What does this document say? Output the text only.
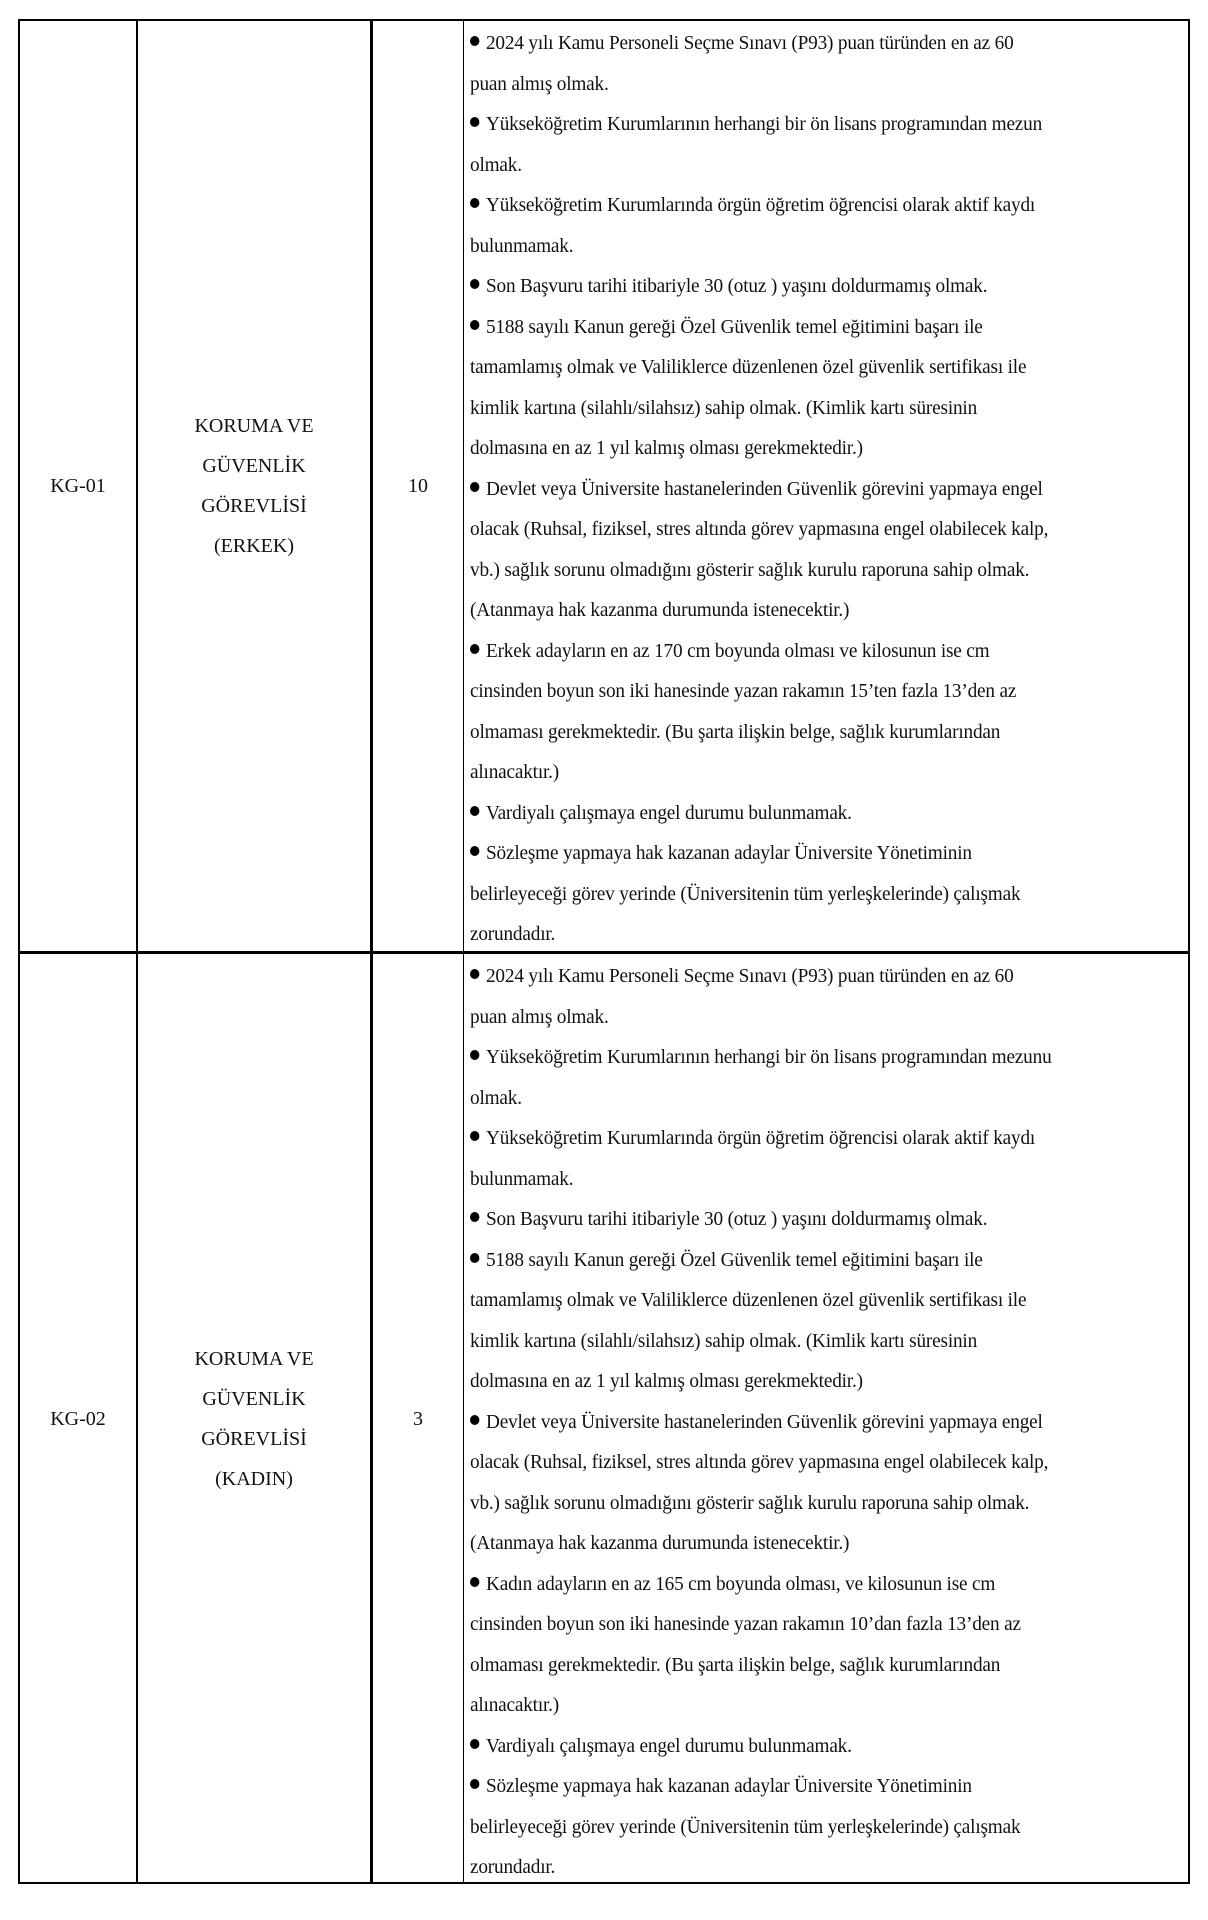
KG-01
KORUMA VE
GÜVENLİK
GÖREVLİSİ
(ERKEK)
10
2024 yılı Kamu Personeli Seçme Sınavı (P93) puan türünden en az 60
puan almış olmak.
Yükseköğretim Kurumlarının herhangi bir ön lisans programından mezun
olmak.
Yükseköğretim Kurumlarında örgün öğretim öğrencisi olarak aktif kaydı
bulunmamak.
Son Başvuru tarihi itibariyle 30 (otuz ) yaşını doldurmamış olmak.
5188 sayılı Kanun gereği Özel Güvenlik temel eğitimini başarı ile
tamamlamış olmak ve Valiliklerce düzenlenen özel güvenlik sertifikası ile
kimlik kartına (silahlı/silahsız) sahip olmak. (Kimlik kartı süresinin
dolmasına en az 1 yıl kalmış olması gerekmektedir.)
Devlet veya Üniversite hastanelerinden Güvenlik görevini yapmaya engel
olacak (Ruhsal, fiziksel, stres altında görev yapmasına engel olabilecek kalp,
vb.) sağlık sorunu olmadığını gösterir sağlık kurulu raporuna sahip olmak.
(Atanmaya hak kazanma durumunda istenecektir.)
Erkek adayların en az 170 cm boyunda olması ve kilosunun ise cm
cinsinden boyun son iki hanesinde yazan rakamın 15’ten fazla 13’den az
olmaması gerekmektedir. (Bu şarta ilişkin belge, sağlık kurumlarından
alınacaktır.)
Vardiyalı çalışmaya engel durumu bulunmamak.
Sözleşme yapmaya hak kazanan adaylar Üniversite Yönetiminin
belirleyeceği görev yerinde (Üniversitenin tüm yerleşkelerinde) çalışmak
zorundadır.
KG-02
KORUMA VE
GÜVENLİK
GÖREVLİSİ
(KADIN)
3
2024 yılı Kamu Personeli Seçme Sınavı (P93) puan türünden en az 60
puan almış olmak.
Yükseköğretim Kurumlarının herhangi bir ön lisans programından mezunu
olmak.
Yükseköğretim Kurumlarında örgün öğretim öğrencisi olarak aktif kaydı
bulunmamak.
Son Başvuru tarihi itibariyle 30 (otuz ) yaşını doldurmamış olmak.
5188 sayılı Kanun gereği Özel Güvenlik temel eğitimini başarı ile
tamamlamış olmak ve Valiliklerce düzenlenen özel güvenlik sertifikası ile
kimlik kartına (silahlı/silahsız) sahip olmak. (Kimlik kartı süresinin
dolmasına en az 1 yıl kalmış olması gerekmektedir.)
Devlet veya Üniversite hastanelerinden Güvenlik görevini yapmaya engel
olacak (Ruhsal, fiziksel, stres altında görev yapmasına engel olabilecek kalp,
vb.) sağlık sorunu olmadığını gösterir sağlık kurulu raporuna sahip olmak.
(Atanmaya hak kazanma durumunda istenecektir.)
Kadın adayların en az 165 cm boyunda olması, ve kilosunun ise cm
cinsinden boyun son iki hanesinde yazan rakamın 10’dan fazla 13’den az
olmaması gerekmektedir. (Bu şarta ilişkin belge, sağlık kurumlarından
alınacaktır.)
Vardiyalı çalışmaya engel durumu bulunmamak.
Sözleşme yapmaya hak kazanan adaylar Üniversite Yönetiminin
belirleyeceği görev yerinde (Üniversitenin tüm yerleşkelerinde) çalışmak
zorundadır.
